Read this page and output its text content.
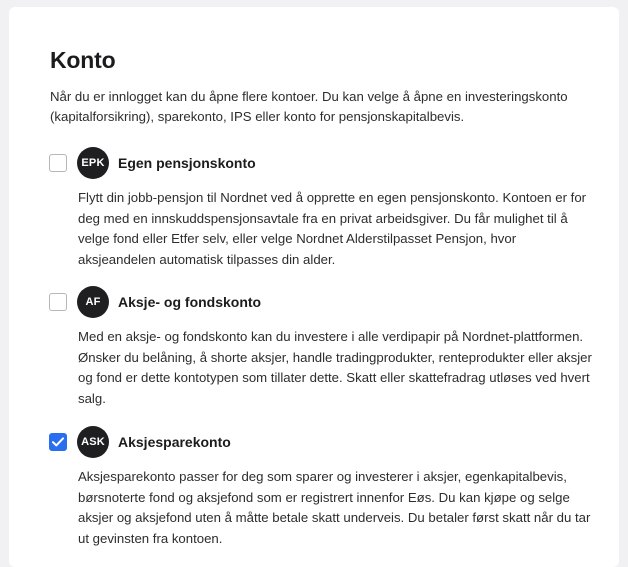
Konto
Når du er innlogget kan du åpne flere kontoer. Du kan velge å åpne en investeringskonto (kapitalforsikring), sparekonto, IPS eller konto for pensjonskapitalbevis.
EPK Egen pensjonskonto
Flytt din jobb-pensjon til Nordnet ved å opprette en egen pensjonskonto. Kontoen er for deg med en innskuddspensjonsavtale fra en privat arbeidsgiver. Du får mulighet til å velge fond eller Etfer selv, eller velge Nordnet Alderstilpasset Pensjon, hvor aksjeandelen automatisk tilpasses din alder.
AF	Aksje- og fondskonto
Med en aksje- og fondskonto kan du investere i alle verdipapir på Nordnet-plattformen. Ønsker du belåning, å shorte aksjer, handle tradingprodukter, renteprodukter eller aksjer og fond er dette kontotypen som tillater dette. Skatt eller skattefradrag utløses ved hvert salg.
ASK Aksjesparekonto
Aksjesparekonto passer for deg som sparer og investerer i aksjer, egenkapitalbevis, børsnoterte fond og aksjefond som er registrert innenfor Eøs. Du kan kjøpe og selge aksjer og aksjefond uten å måtte betale skatt underveis. Du betaler først skatt når du tar ut gevinsten fra kontoen.
